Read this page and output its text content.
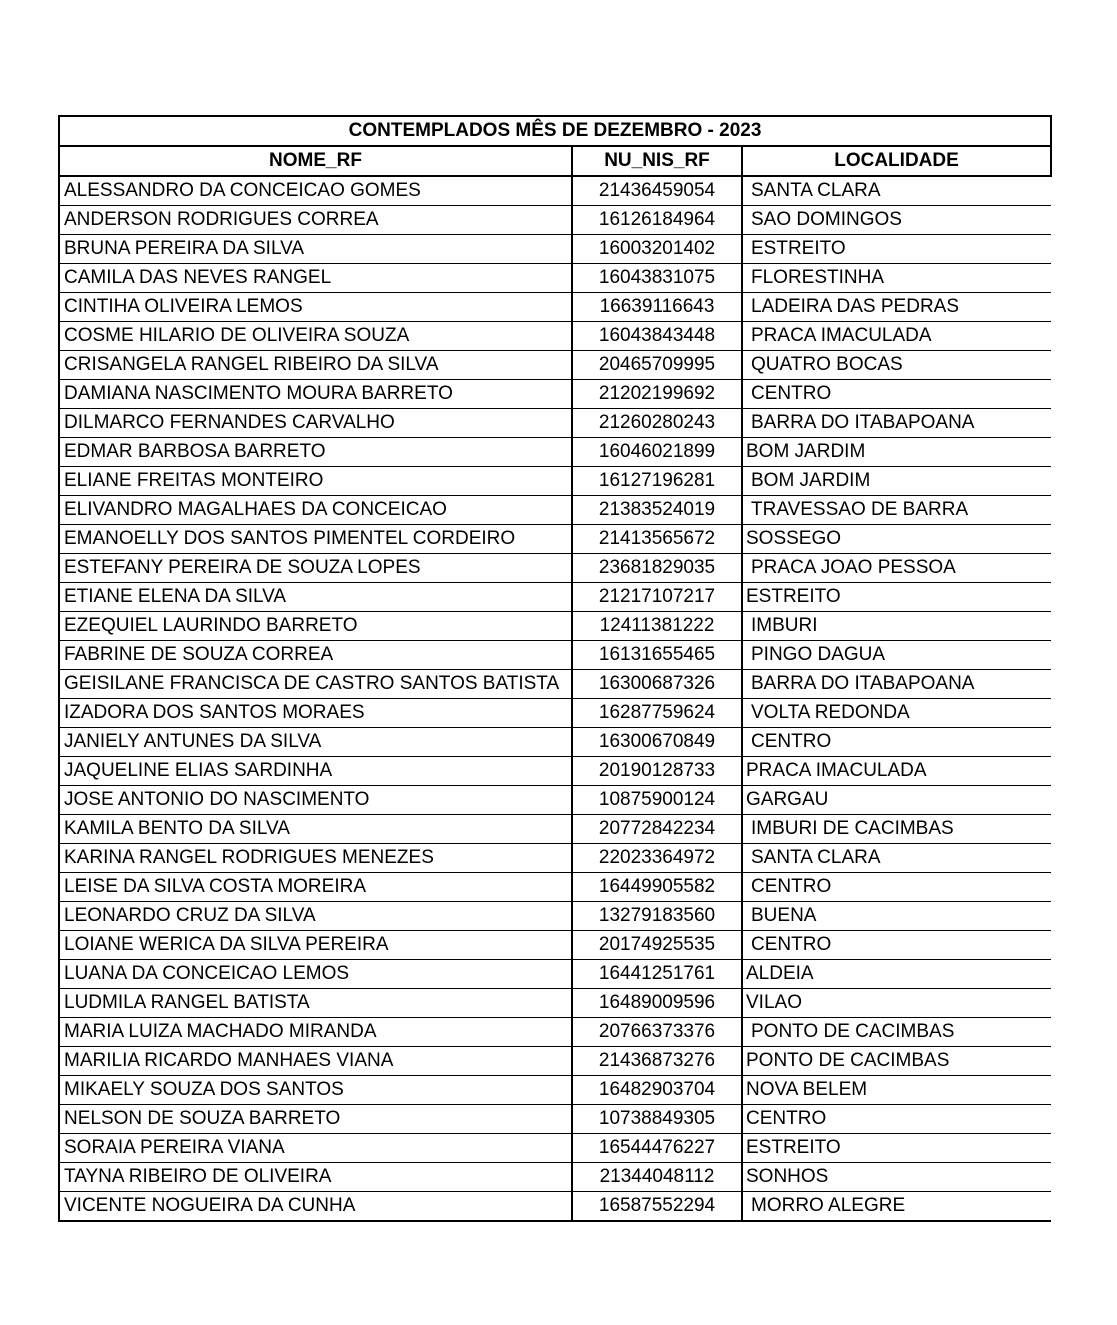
CONTEMPLADOS MÊS DE DEZEMBRO - 2023		
NOME_RF	NU_NIS_RF	LOCALIDADE
ALESSANDRO DA CONCEICAO GOMES	21436459054	SANTA CLARA
ANDERSON RODRIGUES CORREA	16126184964	SAO DOMINGOS
BRUNA PEREIRA DA SILVA	16003201402	ESTREITO
CAMILA DAS NEVES RANGEL	16043831075	FLORESTINHA
CINTIHA OLIVEIRA LEMOS	16639116643	LADEIRA DAS PEDRAS
COSME HILARIO DE OLIVEIRA SOUZA	16043843448	PRACA IMACULADA
CRISANGELA RANGEL RIBEIRO DA SILVA	20465709995	QUATRO BOCAS
DAMIANA NASCIMENTO MOURA BARRETO	21202199692	CENTRO
DILMARCO FERNANDES CARVALHO	21260280243	BARRA DO ITABAPOANA
EDMAR BARBOSA BARRETO	16046021899	BOM JARDIM
ELIANE FREITAS MONTEIRO	16127196281	BOM JARDIM
ELIVANDRO MAGALHAES DA CONCEICAO	21383524019	TRAVESSAO DE BARRA
EMANOELLY DOS SANTOS PIMENTEL CORDEIRO	21413565672	SOSSEGO
ESTEFANY PEREIRA DE SOUZA LOPES	23681829035	PRACA JOAO PESSOA
ETIANE ELENA DA SILVA	21217107217	ESTREITO
EZEQUIEL LAURINDO BARRETO	12411381222	IMBURI
FABRINE DE SOUZA CORREA	16131655465	PINGO DAGUA
GEISILANE FRANCISCA DE CASTRO SANTOS BATISTA	16300687326	BARRA DO ITABAPOANA
IZADORA DOS SANTOS MORAES	16287759624	VOLTA REDONDA
JANIELY ANTUNES DA SILVA	16300670849	CENTRO
JAQUELINE ELIAS SARDINHA	20190128733	PRACA IMACULADA
JOSE ANTONIO DO NASCIMENTO	10875900124	GARGAU
KAMILA BENTO DA SILVA	20772842234	IMBURI DE CACIMBAS
KARINA RANGEL RODRIGUES MENEZES	22023364972	SANTA CLARA
LEISE DA SILVA COSTA MOREIRA	16449905582	CENTRO
LEONARDO CRUZ DA SILVA	13279183560	BUENA
LOIANE WERICA DA SILVA PEREIRA	20174925535	CENTRO
LUANA DA CONCEICAO LEMOS	16441251761	ALDEIA
LUDMILA RANGEL BATISTA	16489009596	VILAO
MARIA LUIZA MACHADO MIRANDA	20766373376	PONTO DE CACIMBAS
MARILIA RICARDO MANHAES VIANA	21436873276	PONTO DE CACIMBAS
MIKAELY SOUZA DOS SANTOS	16482903704	NOVA BELEM
NELSON DE SOUZA BARRETO	10738849305	CENTRO
SORAIA PEREIRA VIANA	16544476227	ESTREITO
TAYNA RIBEIRO DE OLIVEIRA	21344048112	SONHOS
VICENTE NOGUEIRA DA CUNHA	16587552294	MORRO ALEGRE
